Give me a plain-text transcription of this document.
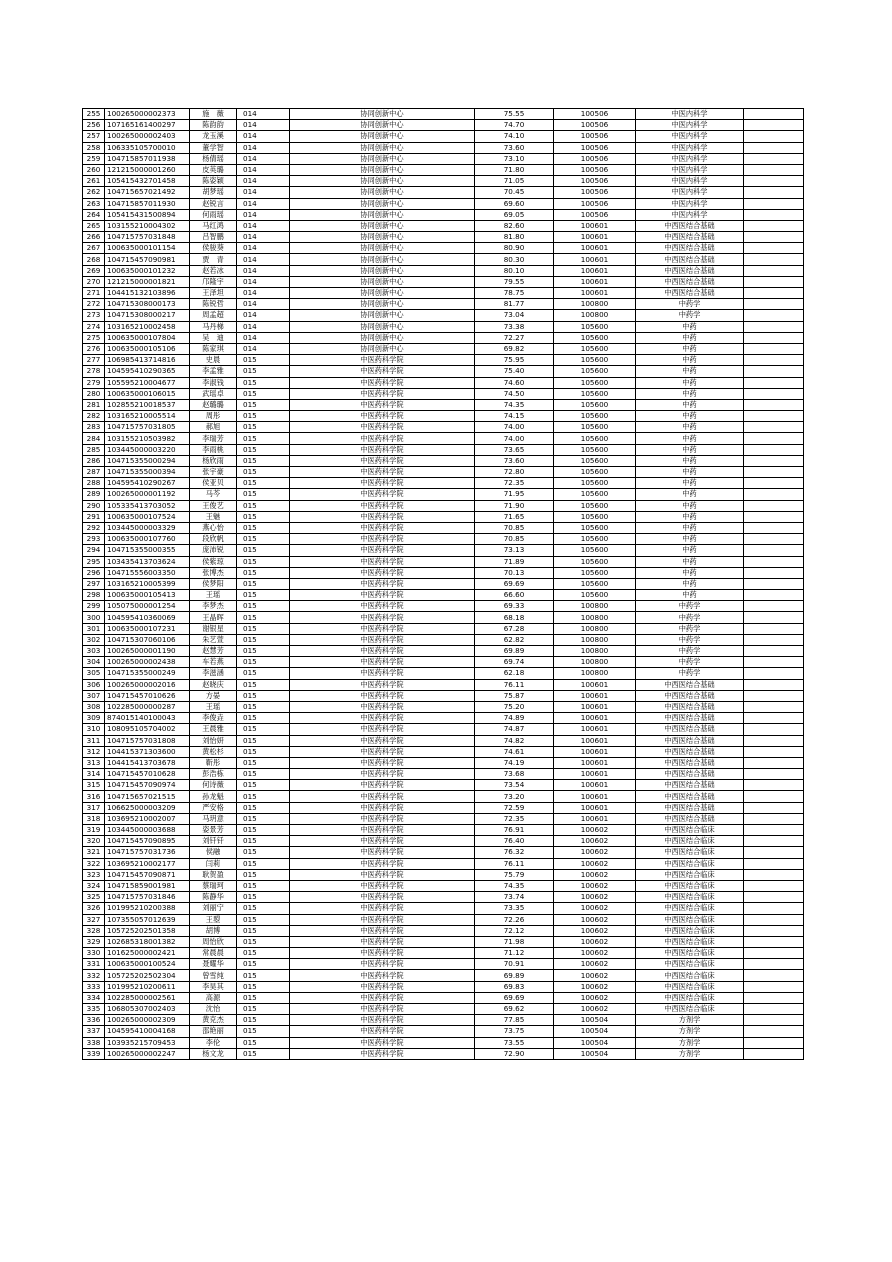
255	100265000002373	施　薇	014	协同创新中心	75.55	100506	中医内科学	
256	107165161400297	陈韵韵	014	协同创新中心	74.70	100506	中医内科学	
257	100265000002403	龙玉溪	014	协同创新中心	74.10	100506	中医内科学	
258	106335105700010	董学智	014	协同创新中心	73.60	100506	中医内科学	
259	104715857011938	杨倩瑶	014	协同创新中心	73.10	100506	中医内科学	
260	121215000001260	皮英璐	014	协同创新中心	71.80	100506	中医内科学	
261	105415432701458	陈姿颖	014	协同创新中心	71.05	100506	中医内科学	
262	104715657021492	胡梦瑶	014	协同创新中心	70.45	100506	中医内科学	
263	104715857011930	赵锐言	014	协同创新中心	69.60	100506	中医内科学	
264	105415431500894	何雨瑶	014	协同创新中心	69.05	100506	中医内科学	
265	103155210004302	马红鸿	014	协同创新中心	82.60	100601	中西医结合基础	
266	104715757031848	吕智鹏	014	协同创新中心	81.80	100601	中西医结合基础	
267	100635000101154	侯骏葵	014	协同创新中心	80.90	100601	中西医结合基础	
268	104715457090981	贾　青	014	协同创新中心	80.30	100601	中西医结合基础	
269	100635000101232	赵若冰	014	协同创新中心	80.10	100601	中西医结合基础	
270	121215000001821	邝隆宇	014	协同创新中心	79.55	100601	中西医结合基础	
271	104415132103896	王泽坦	014	协同创新中心	78.75	100601	中西医结合基础	
272	104715308000173	陈锐哲	014	协同创新中心	81.77	100800	中药学	
273	104715308000217	周孟超	014	协同创新中心	73.04	100800	中药学	
274	103165210002458	马丹梯	014	协同创新中心	73.38	105600	中药	
275	100635000107804	吴　迪	014	协同创新中心	72.27	105600	中药	
276	100635000105106	陈家琪	014	协同创新中心	69.82	105600	中药	
277	106985413714816	史晨	015	中医药科学院	75.95	105600	中药	
278	104595410290365	李孟雅	015	中医药科学院	75.40	105600	中药	
279	105595210004677	李淑钱	015	中医药科学院	74.60	105600	中药	
280	100635000106015	武瑶卓	015	中医药科学院	74.50	105600	中药	
281	102855210018537	赵璐璐	015	中医药科学院	74.35	105600	中药	
282	103165210005514	周彤	015	中医药科学院	74.15	105600	中药	
283	104715757031805	郝旭	015	中医药科学院	74.00	105600	中药	
284	103155210503982	李瑞芳	015	中医药科学院	74.00	105600	中药	
285	103445000003220	李雨桃	015	中医药科学院	73.65	105600	中药	
286	104715355000294	杨欣雨	015	中医药科学院	73.60	105600	中药	
287	104715355000394	张宇豪	015	中医药科学院	72.80	105600	中药	
288	104595410290267	侯亚贝	015	中医药科学院	72.35	105600	中药	
289	100265000001192	马芩	015	中医药科学院	71.95	105600	中药	
290	105335413703052	王俊艺	015	中医药科学院	71.90	105600	中药	
291	100635000107524	王魅	015	中医药科学院	71.65	105600	中药	
292	103445000003329	燕心怡	015	中医药科学院	70.85	105600	中药	
293	100635000107760	段欣帆	015	中医药科学院	70.85	105600	中药	
294	104715355000355	庞沛锐	015	中医药科学院	73.13	105600	中药	
295	103435413703624	侯紫琼	015	中医药科学院	71.89	105600	中药	
296	104715556003350	张博杰	015	中医药科学院	70.13	105600	中药	
297	103165210005399	侯梦阳	015	中医药科学院	69.69	105600	中药	
298	100635000105413	王瑶	015	中医药科学院	66.60	105600	中药	
299	105075000001254	李梦杰	015	中医药科学院	69.33	100800	中药学	
300	104595410360069	王晶晖	015	中医药科学院	68.18	100800	中药学	
301	100635000107231	谢银星	015	中医药科学院	67.28	100800	中药学	
302	104715307060106	朱艺萱	015	中医药科学院	62.82	100800	中药学	
303	100265000001190	赵慧芳	015	中医药科学院	69.89	100800	中药学	
304	100265000002438	车若燕	015	中医药科学院	69.74	100800	中药学	
305	104715355000249	李滋涵	015	中医药科学院	62.18	100800	中药学	
306	100265000002016	赵晓庆	015	中医药科学院	76.11	100601	中西医结合基础	
307	104715457010626	方晏	015	中医药科学院	75.87	100601	中西医结合基础	
308	102285000000287	王瑶	015	中医药科学院	75.20	100601	中西医结合基础	
309	874015140100043	李俊垚	015	中医药科学院	74.89	100601	中西医结合基础	
310	108095105704002	王晨雅	015	中医药科学院	74.87	100601	中西医结合基础	
311	104715757031808	刘怡妍	015	中医药科学院	74.82	100601	中西医结合基础	
312	104415371303600	黄松杉	015	中医药科学院	74.61	100601	中西医结合基础	
313	104415413703678	靳彤	015	中医药科学院	74.19	100601	中西医结合基础	
314	104715457010628	彭浩栋	015	中医药科学院	73.68	100601	中西医结合基础	
315	104715457090974	何诗薇	015	中医药科学院	73.54	100601	中西医结合基础	
316	104715657021515	孙龙魁	015	中医药科学院	73.20	100601	中西医结合基础	
317	106625000003209	严安格	015	中医药科学院	72.59	100601	中西医结合基础	
318	103695210002007	马玥意	015	中医药科学院	72.35	100601	中西医结合基础	
319	103445000003688	姿景芳	015	中医药科学院	76.91	100602	中西医结合临床	
320	104715457090895	刘钎钎	015	中医药科学院	76.40	100602	中西医结合临床	
321	104715757031736	侯融	015	中医药科学院	76.32	100602	中西医结合临床	
322	103695210002177	闫莉	015	中医药科学院	76.11	100602	中西医结合临床	
323	104715457090871	耿贺盈	015	中医药科学院	75.79	100602	中西医结合临床	
324	104715859001981	蔡瑞珂	015	中医药科学院	74.35	100602	中西医结合临床	
325	104715757031846	陈静华	015	中医药科学院	73.74	100602	中西医结合临床	
326	101995210200388	刘丽宁	015	中医药科学院	73.35	100602	中西医结合临床	
327	107355057012639	王曌	015	中医药科学院	72.26	100602	中西医结合临床	
328	105725202501358	胡博	015	中医药科学院	72.12	100602	中西医结合临床	
329	102685318001382	周怡欣	015	中医药科学院	71.98	100602	中西医结合临床	
330	101625000002421	常晨晨	015	中医药科学院	71.12	100602	中西医结合临床	
331	100635000100524	聂耀华	015	中医药科学院	70.91	100602	中西医结合临床	
332	105725202502304	曾雪纯	015	中医药科学院	69.89	100602	中西医结合临床	
333	101995210200611	李昊其	015	中医药科学院	69.83	100602	中西医结合临床	
334	102285000002561	高源	015	中医药科学院	69.69	100602	中西医结合临床	
335	106805307002403	沈怡	015	中医药科学院	69.62	100602	中西医结合临床	
336	100265000002309	黄克杰	015	中医药科学院	77.85	100504	方剂学	
337	104595410004168	邵艳丽	015	中医药科学院	73.75	100504	方剂学	
338	103935215709453	李伦	015	中医药科学院	73.55	100504	方剂学	
339	100265000002247	杨文龙	015	中医药科学院	72.90	100504	方剂学	
